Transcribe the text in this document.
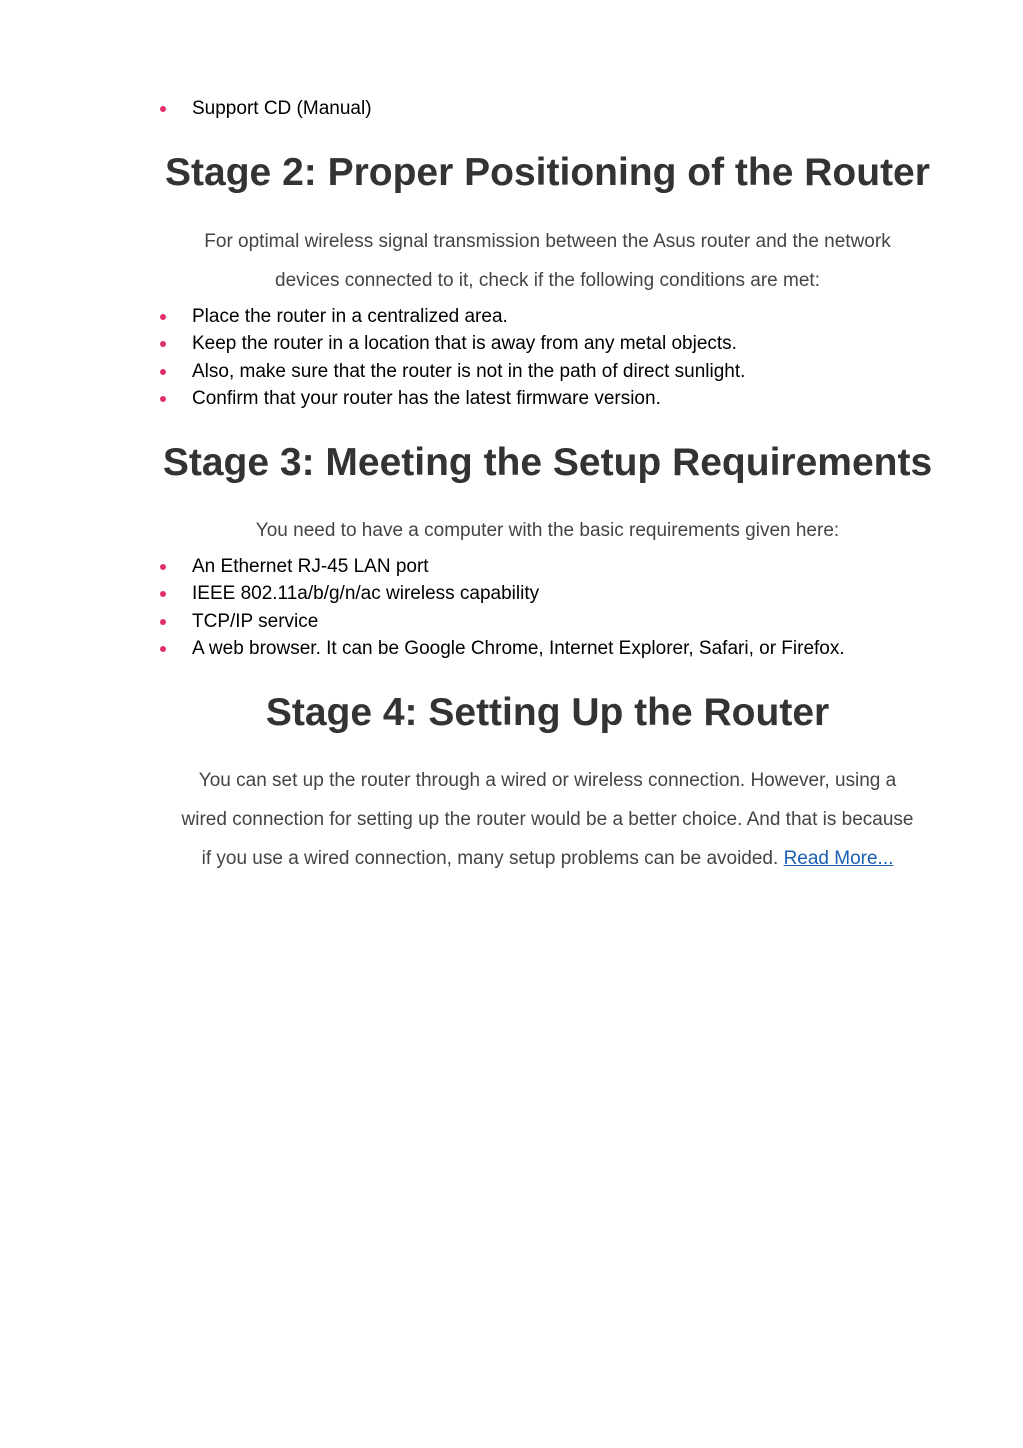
Support CD (Manual)
Stage 2: Proper Positioning of the Router

For optimal wireless signal transmission between the Asus router and the network
devices connected to it, check if the following conditions are met:

Place the router in a centralized area.
Keep the router in a location that is away from any metal objects.
Also, make sure that the router is not in the path of direct sunlight.
Confirm that your router has the latest firmware version.
Stage 3: Meeting the Setup Requirements

You need to have a computer with the basic requirements given here:

An Ethernet RJ-45 LAN port
IEEE 802.11a/b/g/n/ac wireless capability
TCP/IP service
A web browser. It can be Google Chrome, Internet Explorer, Safari, or Firefox.
Stage 4: Setting Up the Router

You can set up the router through a wired or wireless connection. However, using a
wired connection for setting up the router would be a better choice. And that is because
if you use a wired connection, many setup problems can be avoided. Read More...
